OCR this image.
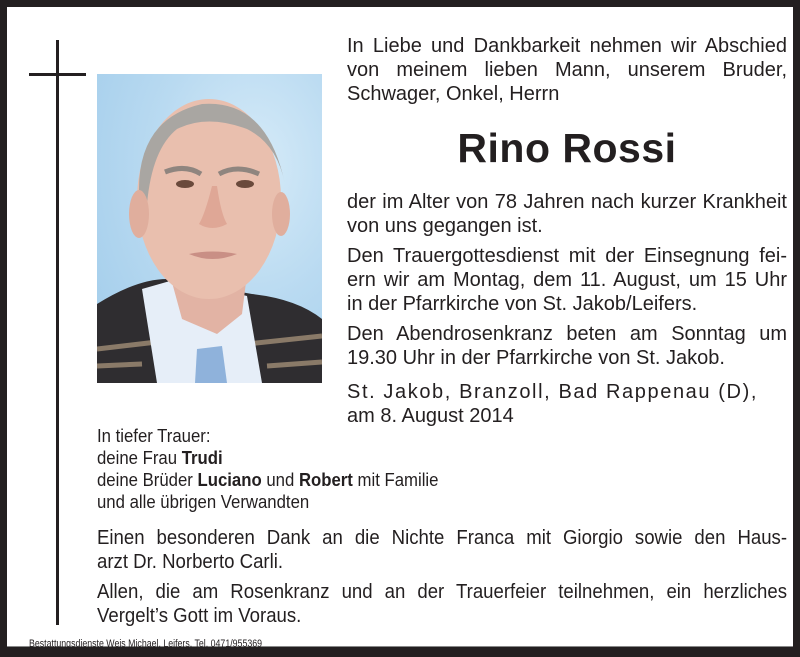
In Liebe und Dankbarkeit nehmen wir Abschied
von meinem lieben Mann, unserem Bruder,
Schwager, Onkel, Herrn
Rino Rossi
der im Alter von 78 Jahren nach kurzer Krankheit
von uns gegangen ist.
Den Trauergottesdienst mit der Einsegnung fei-
ern wir am Montag, dem 11. August, um 15 Uhr
in der Pfarrkirche von St. Jakob/Leifers.
Den Abendrosenkranz beten am Sonntag um
19.30 Uhr in der Pfarrkirche von St. Jakob.
St. Jakob, Branzoll, Bad Rappenau (D),
am 8. August 2014
In tiefer Trauer:
deine Frau Trudi
deine Brüder Luciano und Robert mit Familie
und alle übrigen Verwandten
Einen besonderen Dank an die Nichte Franca mit Giorgio sowie den Haus-
arzt Dr. Norberto Carli.
Allen, die am Rosenkranz und an der Trauerfeier teilnehmen, ein herzliches
Vergelt’s Gott im Voraus.
Bestattungsdienste Weis Michael, Leifers, Tel. 0471/955369
